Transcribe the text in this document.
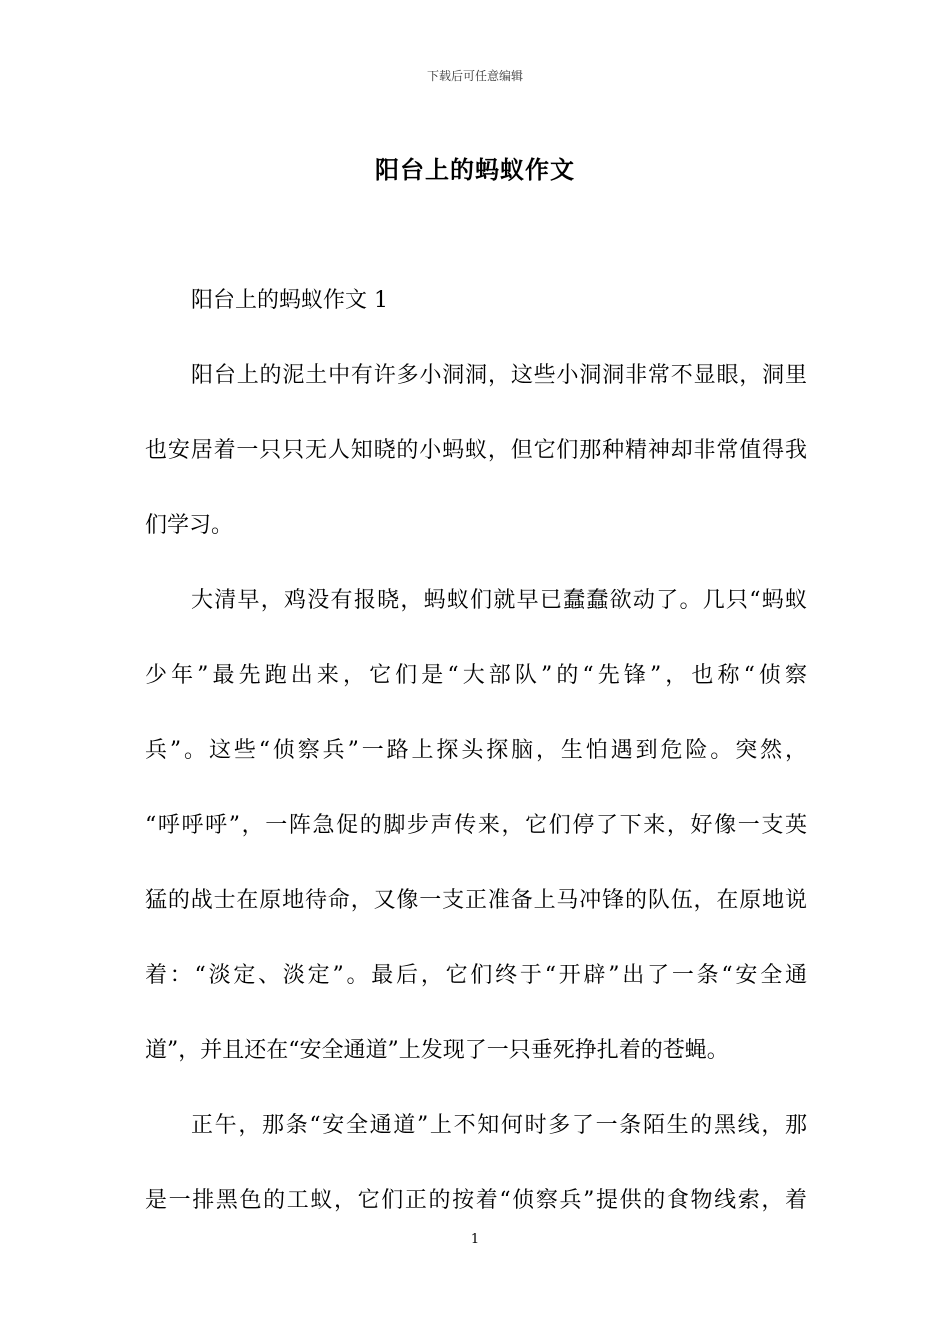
下载后可任意编辑
阳台上的蚂蚁作文
阳台上的蚂蚁作文 1
阳台上的泥土中有许多小洞洞，这些小洞洞非常不显眼，洞里
也安居着一只只无人知晓的小蚂蚁，但它们那种精神却非常值得我
们学习。
大清早，鸡没有报晓，蚂蚁们就早已蠢蠢欲动了。几只“蚂蚁
少年”最先跑出来，它们是“大部队”的“先锋”，也称“侦察
兵”。这些“侦察兵”一路上探头探脑，生怕遇到危险。突然，
“呼呼呼”，一阵急促的脚步声传来，它们停了下来，好像一支英
猛的战士在原地待命，又像一支正准备上马冲锋的队伍，在原地说
着：“淡定、淡定”。最后，它们终于“开辟”出了一条“安全通
道”，并且还在“安全通道”上发现了一只垂死挣扎着的苍蝇。
正午，那条“安全通道”上不知何时多了一条陌生的黑线，那
是一排黑色的工蚁，它们正的按着“侦察兵”提供的食物线索，着
1
